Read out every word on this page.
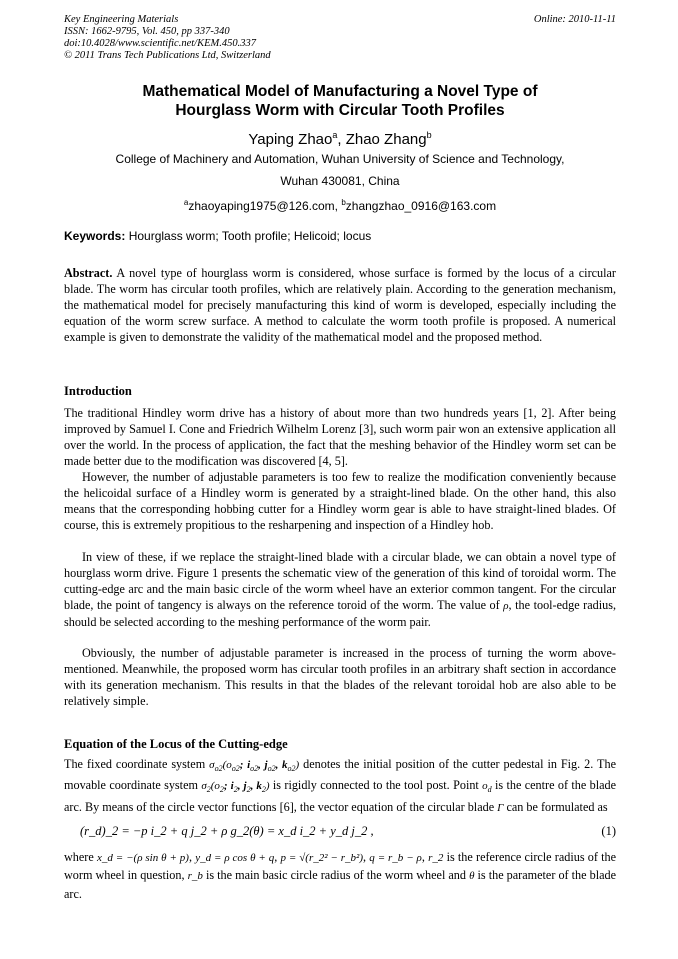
Key Engineering Materials
ISSN: 1662-9795, Vol. 450, pp 337-340
doi:10.4028/www.scientific.net/KEM.450.337
© 2011 Trans Tech Publications Ltd, Switzerland
Online: 2010-11-11
Mathematical Model of Manufacturing a Novel Type of
Hourglass Worm with Circular Tooth Profiles
Yaping Zhao$^a$, Zhao Zhang$^b$
College of Machinery and Automation, Wuhan University of Science and Technology,
Wuhan 430081, China
$^a$zhaoyaping1975@126.com, $^b$zhangzhao_0916@163.com
Keywords: Hourglass worm; Tooth profile; Helicoid; locus
Abstract. A novel type of hourglass worm is considered, whose surface is formed by the locus of a circular blade. The worm has circular tooth profiles, which are relatively plain. According to the generation mechanism, the mathematical model for precisely manufacturing this kind of worm is developed, especially including the equation of the worm screw surface. A method to calculate the worm tooth profile is proposed. A numerical example is given to demonstrate the validity of the mathematical model and the proposed method.
Introduction
The traditional Hindley worm drive has a history of about more than two hundreds years [1, 2]. After being improved by Samuel I. Cone and Friedrich Wilhelm Lorenz [3], such worm pair won an extensive application all over the world. In the process of application, the fact that the meshing behavior of the Hindley worm set can be made better due to the modification was discovered [4, 5].
However, the number of adjustable parameters is too few to realize the modification conveniently because the helicoidal surface of a Hindley worm is generated by a straight-lined blade. On the other hand, this also means that the corresponding hobbing cutter for a Hindley worm gear is able to have straight-lined blades. Of course, this is extremely propitious to the resharpening and inspection of a Hindley hob.
In view of these, if we replace the straight-lined blade with a circular blade, we can obtain a novel type of hourglass worm drive. Figure 1 presents the schematic view of the generation of this kind of toroidal worm. The cutting-edge arc and the main basic circle of the worm wheel have an exterior common tangent. For the circular blade, the point of tangency is always on the reference toroid of the worm. The value of ρ, the tool-edge radius, should be selected according to the meshing performance of the worm pair.
Obviously, the number of adjustable parameter is increased in the process of turning the worm above-mentioned. Meanwhile, the proposed worm has circular tooth profiles in an arbitrary shaft section in accordance with its generation mechanism. This results in that the blades of the relevant toroidal hob are also able to be relatively simple.
Equation of the Locus of the Cutting-edge
The fixed coordinate system $\sigma_{o2}(o_{o2}$; $i_{o2}$, $j_{o2}$, $k_{o2}$) denotes the initial position of the cutter pedestal in Fig. 2. The movable coordinate system $\sigma_2(o_2$; $i_2$, $j_2$, $k_2$) is rigidly connected to the tool post. Point $o_d$ is the centre of the blade arc. By means of the circle vector functions [6], the vector equation of the circular blade Γ can be formulated as
(r_d)_2 = −p i_2 + q j_2 + ρ g_2(θ) = x_d i_2 + y_d j_2 ,	(1)
where x_d = −(ρ sin θ + p), y_d = ρ cos θ + q, p = √(r_2² − r_b²), q = r_b − ρ, r_2 is the reference circle radius of the worm wheel in question, r_b is the main basic circle radius of the worm wheel and θ is the parameter of the blade arc.
